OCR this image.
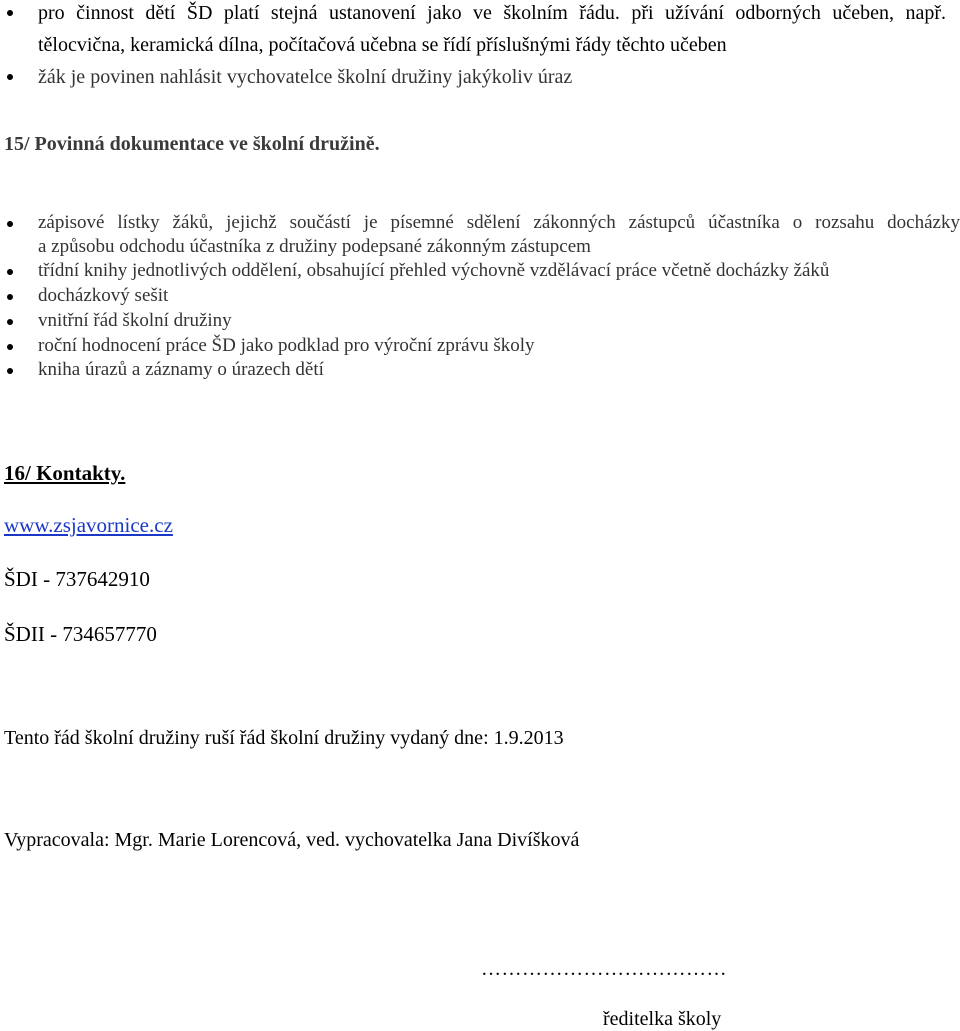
pro činnost dětí ŠD platí stejná ustanovení jako ve školním řádu. při užívání odborných učeben, např.
tělocvična, keramická dílna, počítačová učebna se řídí příslušnými řády těchto učeben
žák je povinen nahlásit vychovatelce školní družiny jakýkoliv úraz
15/ Povinná dokumentace ve školní družině.
zápisové lístky žáků, jejichž součástí je písemné sdělení zákonných zástupců účastníka o rozsahu docházky
a způsobu odchodu účastníka z družiny podepsané zákonným zástupcem
třídní knihy jednotlivých oddělení, obsahující přehled výchovně vzdělávací práce včetně docházky žáků
docházkový sešit
vnitřní řád školní družiny
roční hodnocení práce ŠD jako podklad pro výroční zprávu školy
kniha úrazů a záznamy o úrazech dětí
16/ Kontakty.
www.zsjavornice.cz
ŠDI - 737642910
ŠDII - 734657770
Tento řád školní družiny ruší řád školní družiny vydaný dne: 1.9.2013
Vypracovala: Mgr. Marie Lorencová, ved. vychovatelka Jana Divíšková
………………………………
ředitelka školy
